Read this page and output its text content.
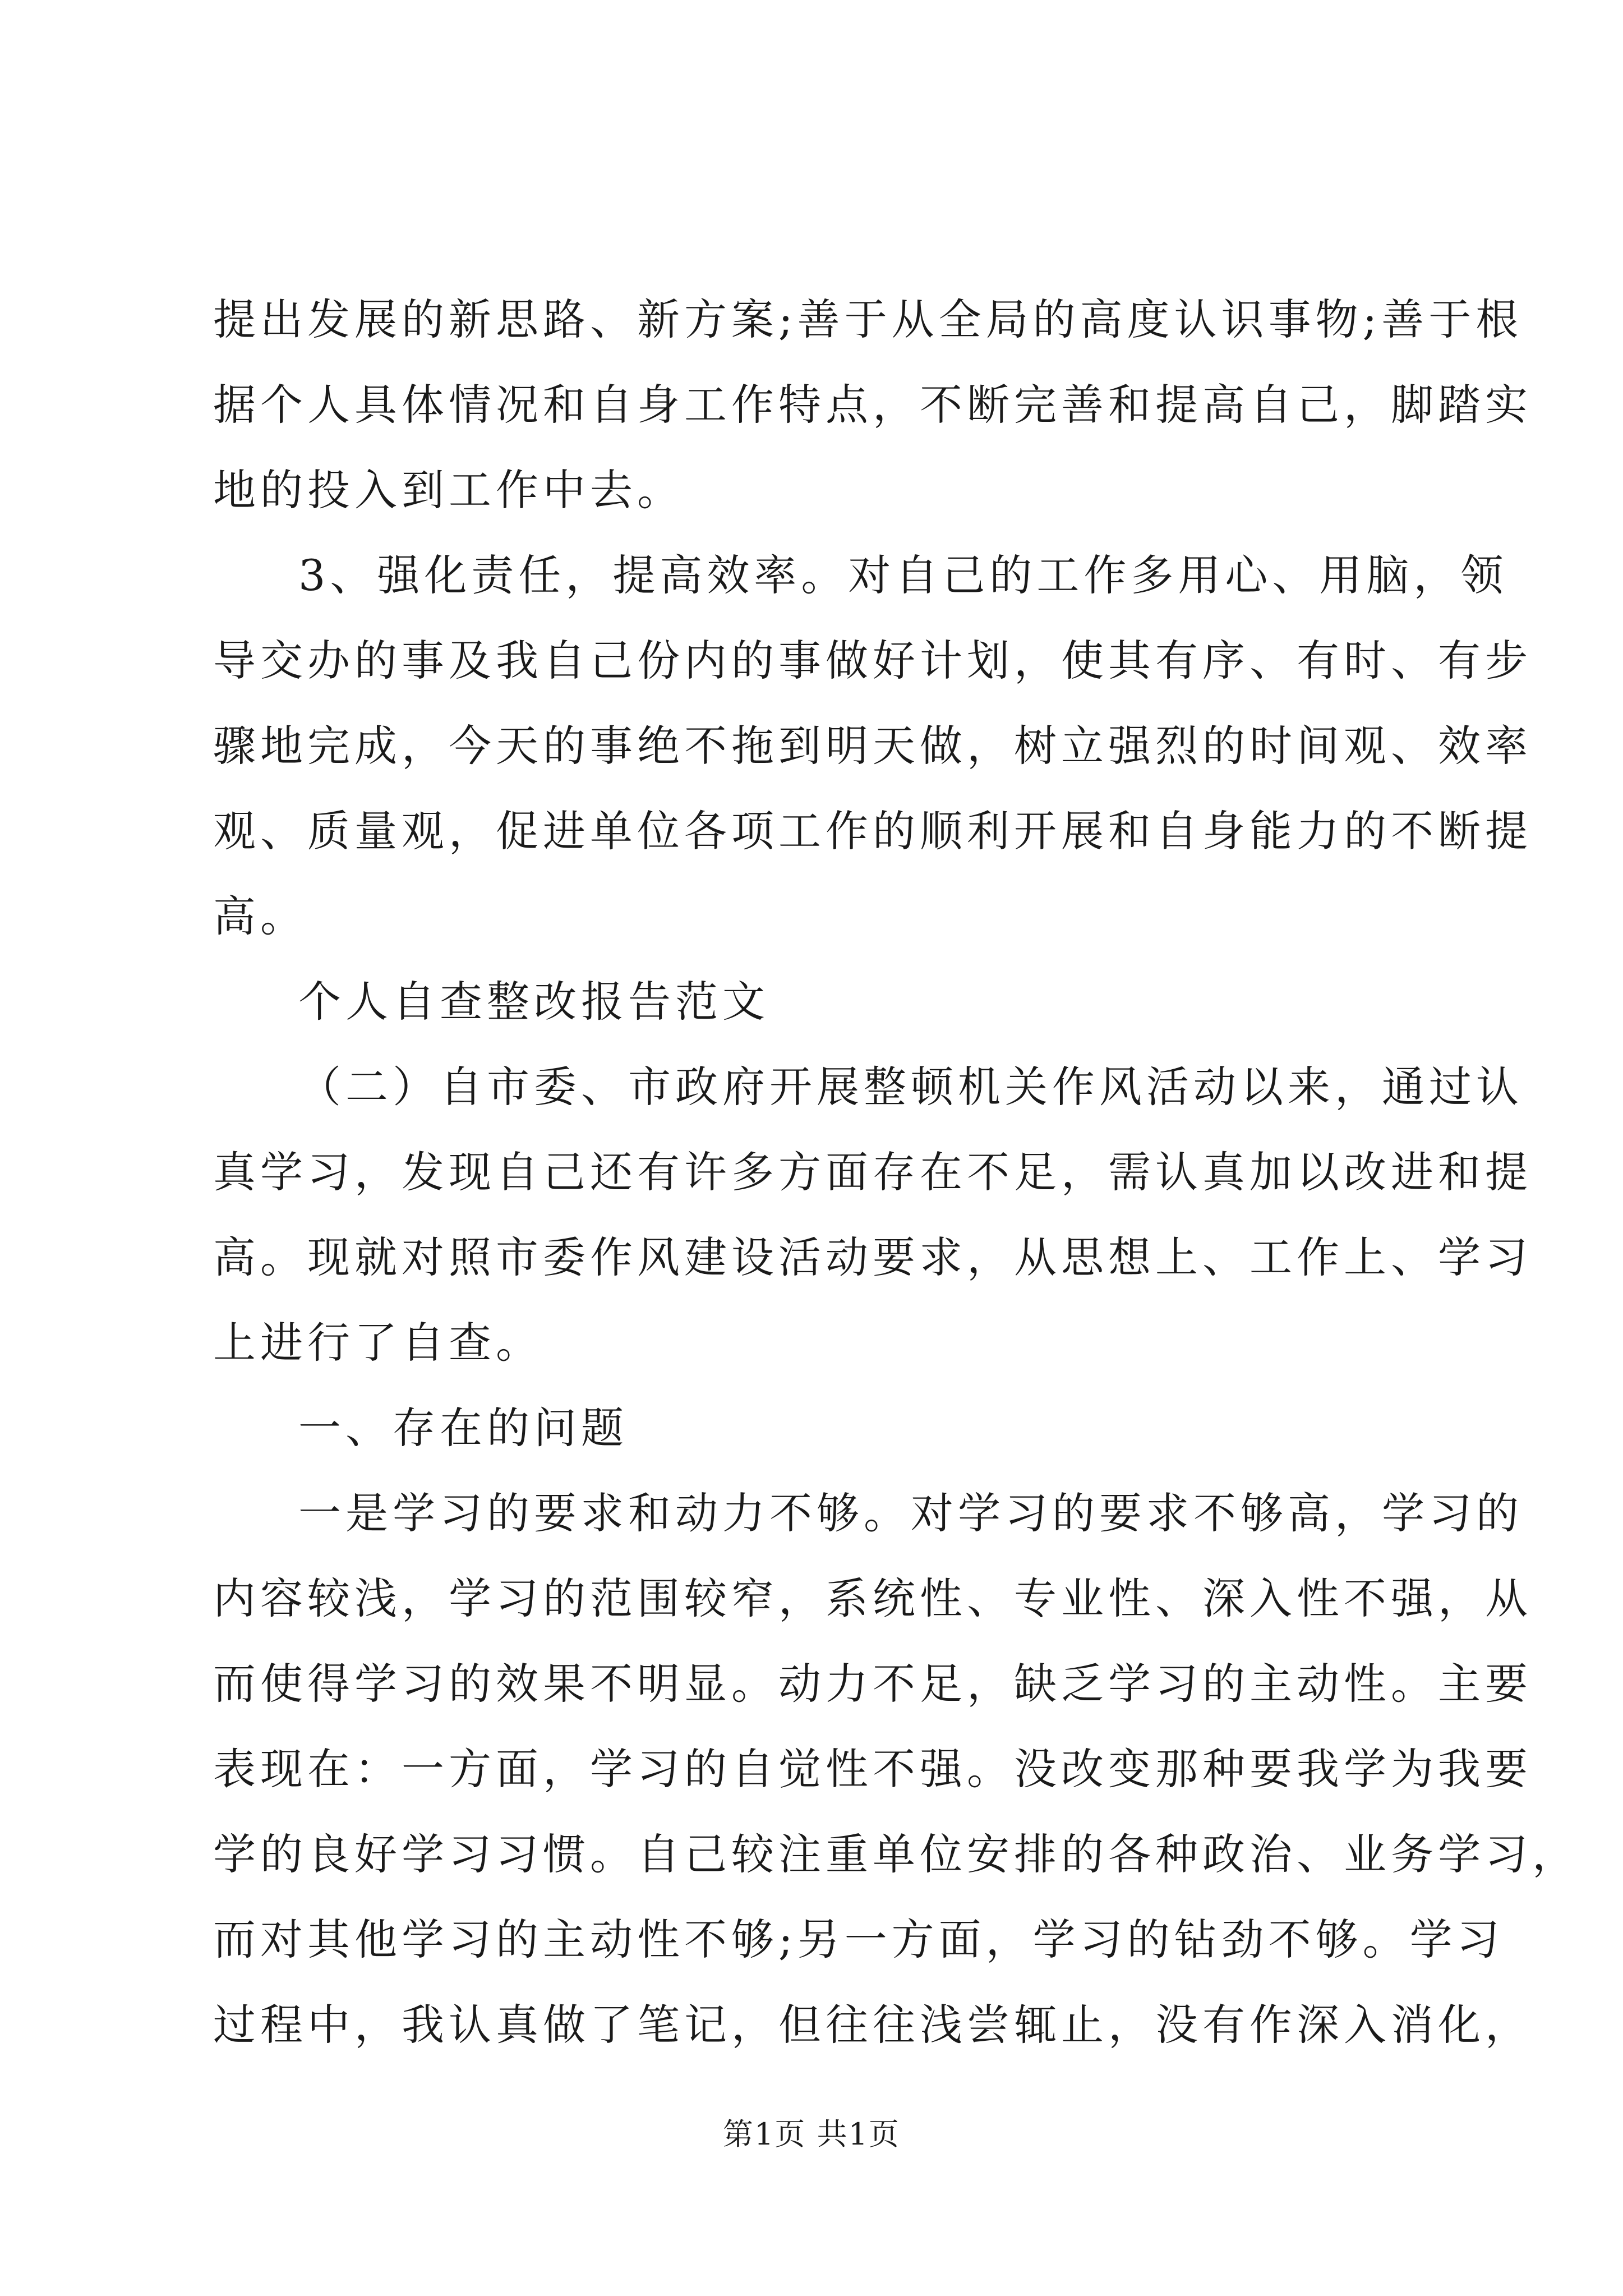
提出发展的新思路、新方案;善于从全局的高度认识事物;善于根
据个人具体情况和自身工作特点，不断完善和提高自己，脚踏实
地的投入到工作中去。
3、强化责任，提高效率。对自己的工作多用心、用脑，领
导交办的事及我自己份内的事做好计划，使其有序、有时、有步
骤地完成，今天的事绝不拖到明天做，树立强烈的时间观、效率
观、质量观，促进单位各项工作的顺利开展和自身能力的不断提
高。
个人自查整改报告范文
（二）自市委、市政府开展整顿机关作风活动以来，通过认
真学习，发现自己还有许多方面存在不足，需认真加以改进和提
高。现就对照市委作风建设活动要求，从思想上、工作上、学习
上进行了自查。
一、存在的问题
一是学习的要求和动力不够。对学习的要求不够高，学习的
内容较浅，学习的范围较窄，系统性、专业性、深入性不强，从
而使得学习的效果不明显。动力不足，缺乏学习的主动性。主要
表现在：一方面，学习的自觉性不强。没改变那种要我学为我要
学的良好学习习惯。自己较注重单位安排的各种政治、业务学习，
而对其他学习的主动性不够;另一方面，学习的钻劲不够。学习
过程中，我认真做了笔记，但往往浅尝辄止，没有作深入消化，
第1页 共1页
